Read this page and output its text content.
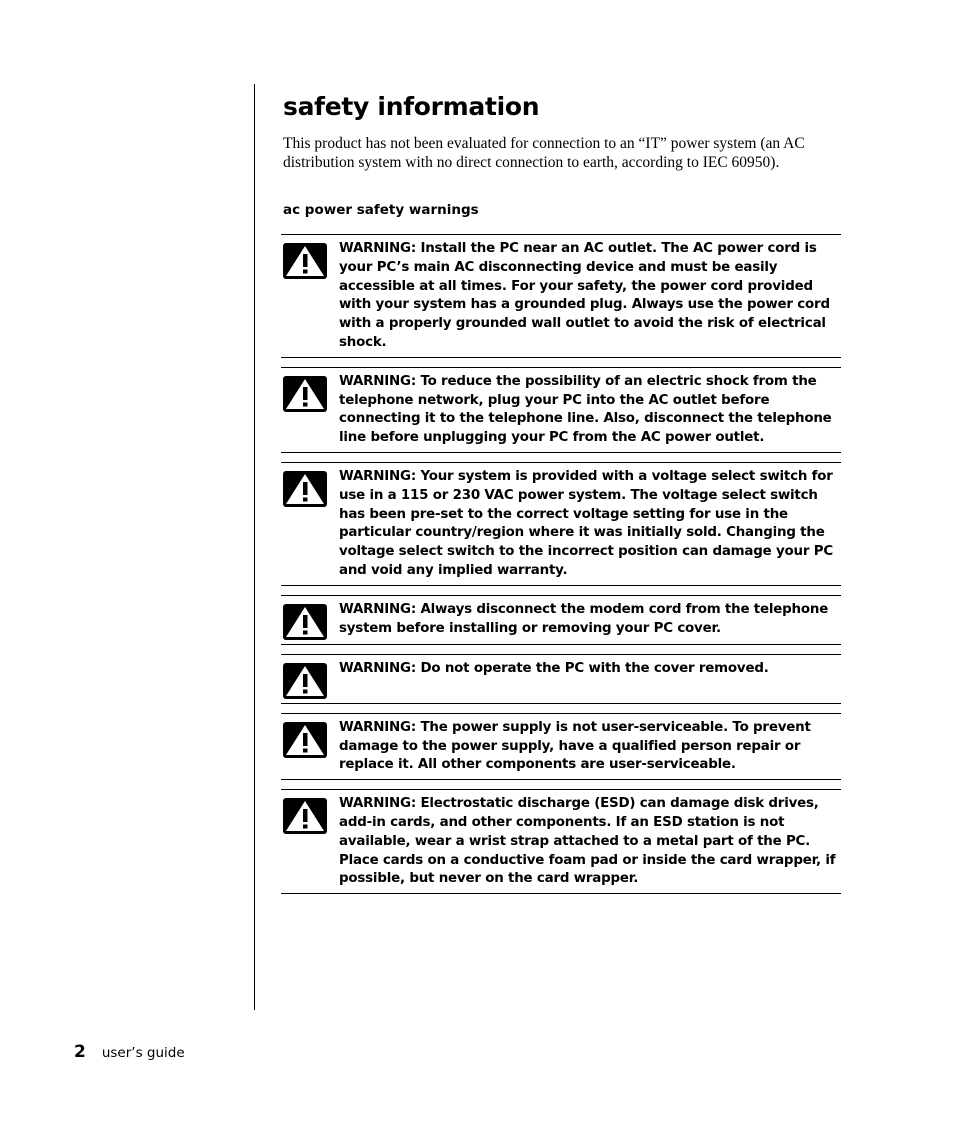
safety information

This product has not been evaluated for connection to an “IT” power system (an AC distribution system with no direct connection to earth, according to IEC 60950).

ac power safety warnings
WARNING: Install the PC near an AC outlet. The AC power cord is your PC’s main AC disconnecting device and must be easily accessible at all times. For your safety, the power cord provided with your system has a grounded plug. Always use the power cord with a properly grounded wall outlet to avoid the risk of electrical shock.
WARNING: To reduce the possibility of an electric shock from the telephone network, plug your PC into the AC outlet before connecting it to the telephone line. Also, disconnect the telephone line before unplugging your PC from the AC power outlet.
WARNING: Your system is provided with a voltage select switch for use in a 115 or 230 VAC power system. The voltage select switch has been pre-set to the correct voltage setting for use in the particular country/region where it was initially sold. Changing the voltage select switch to the incorrect position can damage your PC and void any implied warranty.
WARNING: Always disconnect the modem cord from the telephone system before installing or removing your PC cover.
WARNING: Do not operate the PC with the cover removed.
WARNING: The power supply is not user-serviceable. To prevent damage to the power supply, have a qualified person repair or replace it. All other components are user-serviceable.
WARNING: Electrostatic discharge (ESD) can damage disk drives, add-in cards, and other components. If an ESD station is not available, wear a wrist strap attached to a metal part of the PC. Place cards on a conductive foam pad or inside the card wrapper, if possible, but never on the card wrapper.
2 user’s guide
